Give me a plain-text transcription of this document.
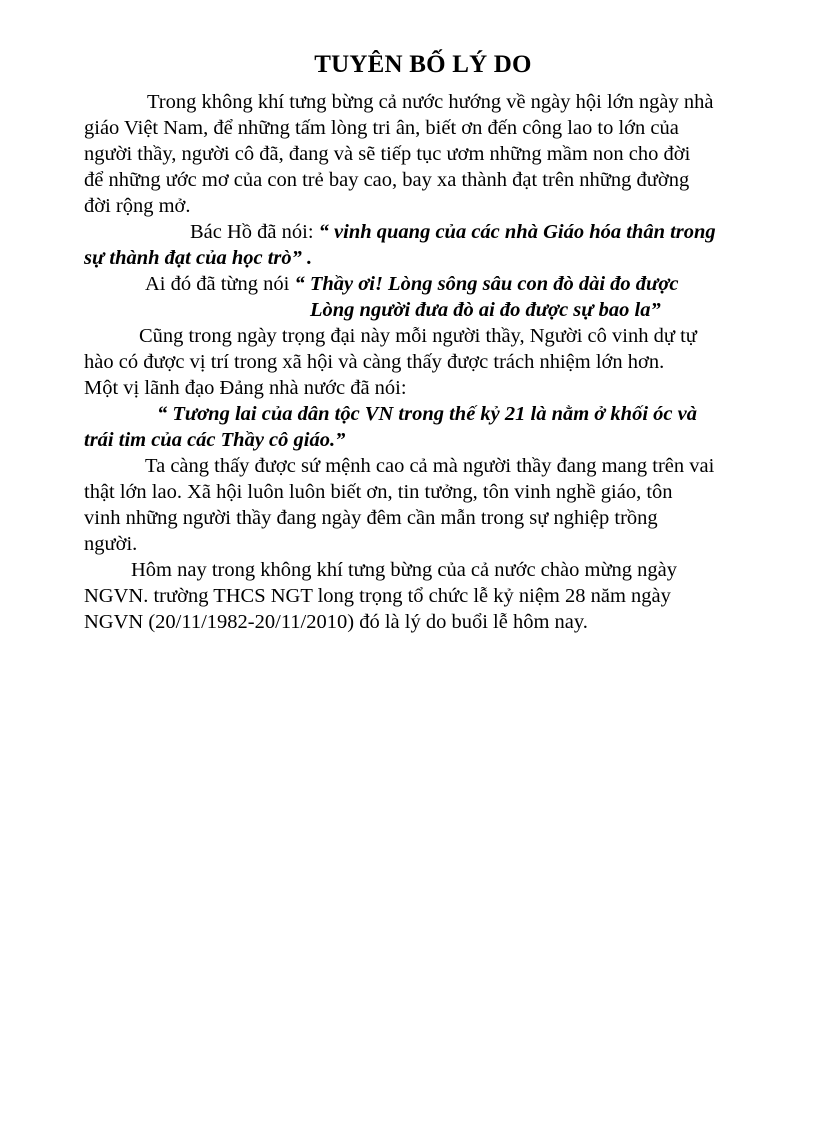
TUYÊN BỐ LÝ DO
Trong không khí tưng bừng cả nước hướng về ngày hội lớn ngày nhà
giáo Việt Nam, để những tấm lòng tri ân, biết ơn đến công lao to lớn của
người thầy, người cô đã, đang và sẽ tiếp tục ươm những mầm non cho đời
để những ước mơ của con trẻ bay cao, bay xa thành đạt trên những đường
đời rộng mở.
Bác Hồ đã nói: “ vinh quang của các nhà Giáo hóa thân trong
sự thành đạt của học trò” .
Ai đó đã từng nói “ Thầy ơi! Lòng sông sâu con đò dài đo được
Lòng người đưa đò ai đo được sự bao la”
Cũng trong ngày trọng đại này mỗi người thầy, Người cô vinh dự tự
hào có được vị trí trong xã hội và càng thấy được trách nhiệm lớn hơn.
Một vị lãnh đạo Đảng nhà nước đã nói:
“ Tương lai của dân tộc VN trong thế kỷ 21 là nằm ở khối óc và
trái tim của các Thầy cô giáo.”
Ta càng thấy được sứ mệnh cao cả mà người thầy đang mang trên vai
thật lớn lao. Xã hội luôn luôn biết ơn, tin tưởng, tôn vinh nghề giáo, tôn
vinh những người thầy đang ngày đêm cần mẫn trong sự nghiệp trồng
người.
Hôm nay trong không khí tưng bừng của cả nước chào mừng ngày
NGVN. trường THCS NGT long trọng tổ chức lễ kỷ niệm 28 năm ngày
NGVN (20/11/1982-20/11/2010) đó là lý do buổi lễ hôm nay.
